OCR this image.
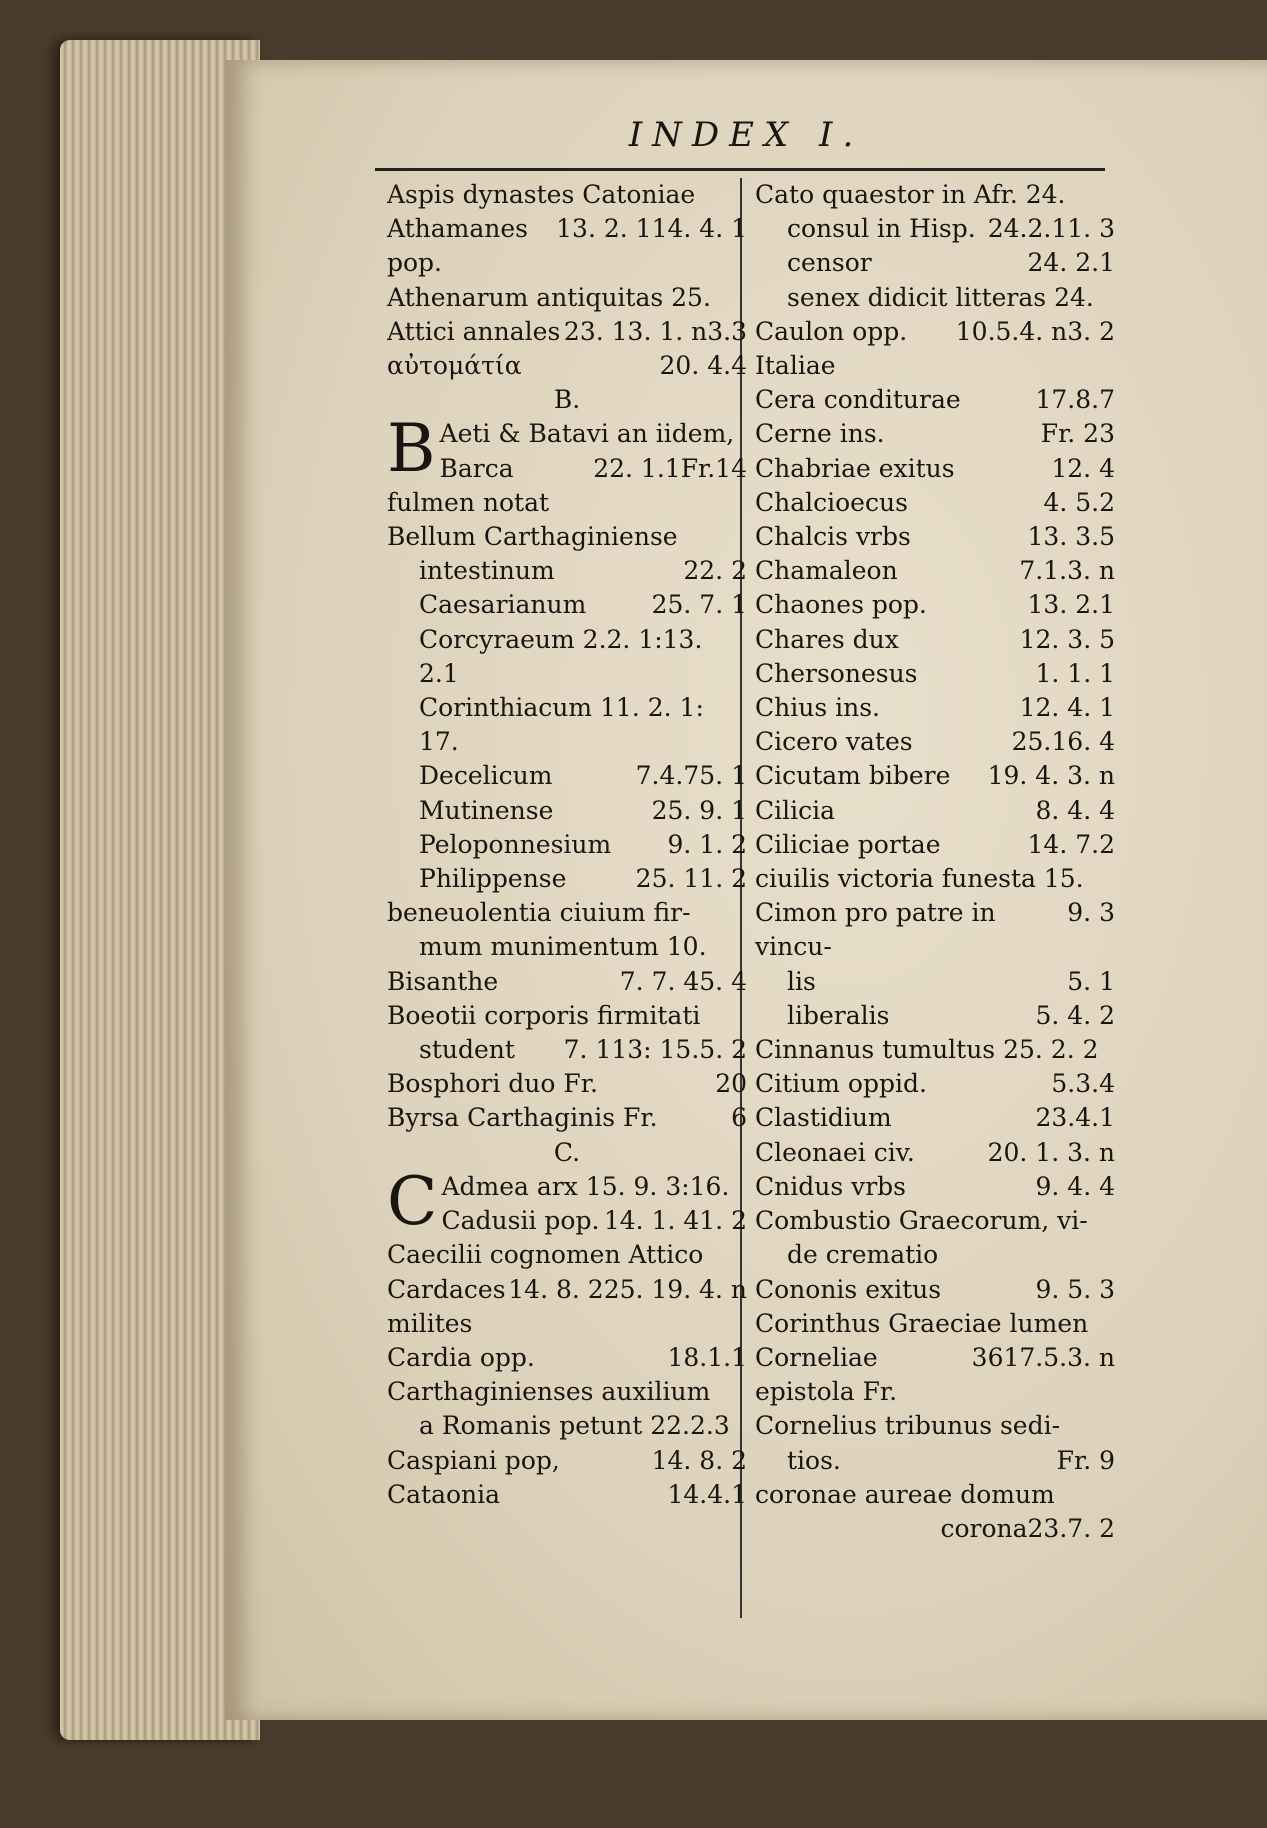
INDEX I.
Aspis dynastes Catoniae
14. 4. 1
13. 2. 1
Athamanes pop.
Athenarum antiquitas 25.
3.3
23. 13. 1. n
Attici annales
20. 4.4
αὐτομάτία
B.
B Aeti & Batavi an iidem,
Fr.14
22. 1.1
Barca fulmen notat
Bellum Carthaginiense
22. 2
intestinum
25. 7. 1
Caesarianum
Corcyraeum 2.2. 1:13. 2.1
Corinthiacum 11. 2. 1: 17.
5. 1
7.4.7
Decelicum
25. 9. 1
Mutinense
9. 1. 2
Peloponnesium
25. 11. 2
Philippense
beneuolentia ciuium fir-
mum munimentum 10.
5. 4
7. 7. 4
Bisanthe
Boeotii corporis firmitati
7. 113: 15.5. 2
student
20
Bosphori duo Fr.
6
Byrsa Carthaginis Fr.
C.
C Admea arx 15. 9. 3:16.
1. 2
14. 1. 4
Cadusii pop.
Caecilii cognomen Attico
25. 19. 4. n
14. 8. 2
Cardaces milites
18.1.1
Cardia opp.
Carthaginienses auxilium
a Romanis petunt 22.2.3
14. 8. 2
Caspiani pop,
14.4.1
Cataonia
Cato quaestor in Afr. 24.
1. 3
24.2.1
consul in Hisp.
24. 2.1
censor
senex didicit litteras 24.
3. 2
10.5.4. n
Caulon opp. Italiae
17.8.7
Cera conditurae
Fr. 23
Cerne ins.
12. 4
Chabriae exitus
4. 5.2
Chalcioecus
13. 3.5
Chalcis vrbs
7.1.3. n
Chamaleon
13. 2.1
Chaones pop.
12. 3. 5
Chares dux
1. 1. 1
Chersonesus
12. 4. 1
Chius ins.
25.16. 4
Cicero vates
19. 4. 3. n
Cicutam bibere
8. 4. 4
Cilicia
14. 7.2
Ciliciae portae
ciuilis victoria funesta 15.
9. 3
Cimon pro patre in vincu-
5. 1
lis
5. 4. 2
liberalis
Cinnanus tumultus 25. 2. 2
5.3.4
Citium oppid.
23.4.1
Clastidium
20. 1. 3. n
Cleonaei civ.
9. 4. 4
Cnidus vrbs
Combustio Graecorum, vi-
de crematio
9. 5. 3
Cononis exitus
Corinthus Graeciae lumen
17.5.3. n
36
Corneliae epistola Fr.
Cornelius tribunus sedi-
Fr. 9
tios.
coronae aureae domum
23.7. 2
corona
